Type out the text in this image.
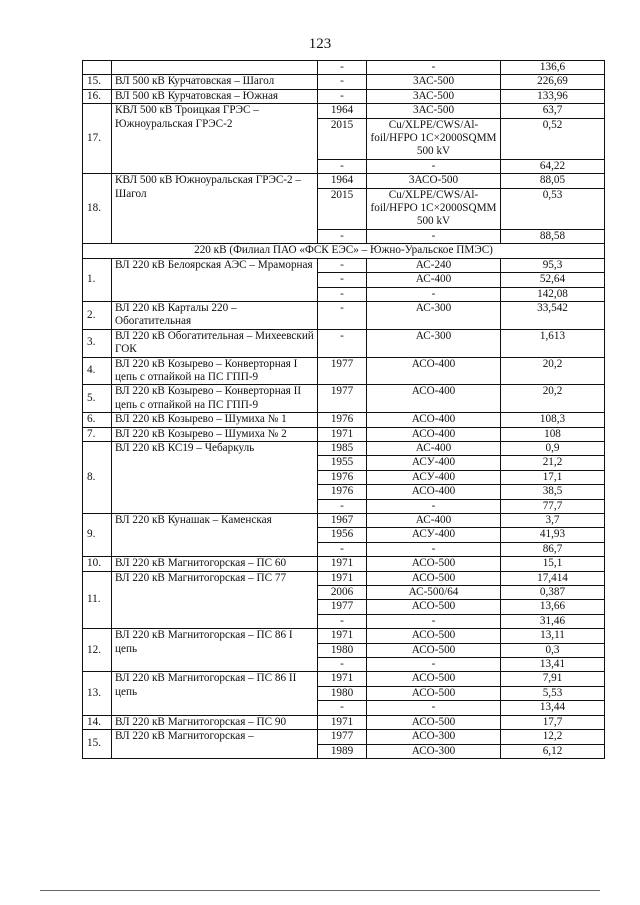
123
		-	-	136,6
15.	ВЛ 500 кВ Курчатовская – Шагол	-	3АС-500	226,69
16.	ВЛ 500 кВ Курчатовская – Южная	-	3АС-500	133,96
17.	КВЛ 500 кВ Троицкая ГРЭС – Южноуральская ГРЭС-2	1964	3АС-500	63,7
		2015	Cu/XLPE/CWS/Al-foil/HFPO 1C×2000SQMM 500 kV	0,52
		-	-	64,22
18.	КВЛ 500 кВ Южноуральская ГРЭС-2 – Шагол	1964	3АСО-500	88,05
		2015	Cu/XLPE/CWS/Al-foil/HFPO 1C×2000SQMM 500 kV	0,53
		-	-	88,58
220 кВ (Филиал ПАО «ФСК ЕЭС» – Южно-Уральское ПМЭС)				
1.	ВЛ 220 кВ Белоярская АЭС – Мраморная	-	АС-240	95,3
		-	АС-400	52,64
		-	-	142,08
2.	ВЛ 220 кВ Карталы 220 – Обогатительная	-	АС-300	33,542
3.	ВЛ 220 кВ Обогатительная – Михеевский ГОК	-	АС-300	1,613
4.	ВЛ 220 кВ Козырево – Конверторная I цепь с отпайкой на ПС ГПП-9	1977	АСО-400	20,2
5.	ВЛ 220 кВ Козырево – Конверторная II цепь с отпайкой на ПС ГПП-9	1977	АСО-400	20,2
6.	ВЛ 220 кВ Козырево – Шумиха № 1	1976	АСО-400	108,3
7.	ВЛ 220 кВ Козырево – Шумиха № 2	1971	АСО-400	108
8.	ВЛ 220 кВ КС19 – Чебаркуль	1985	АС-400	0,9
		1955	АСУ-400	21,2
		1976	АСУ-400	17,1
		1976	АСО-400	38,5
		-	-	77,7
9.	ВЛ 220 кВ Кунашак – Каменская	1967	АС-400	3,7
		1956	АСУ-400	41,93
		-	-	86,7
10.	ВЛ 220 кВ Магнитогорская – ПС 60	1971	АСО-500	15,1
11.	ВЛ 220 кВ Магнитогорская – ПС 77	1971	АСО-500	17,414
		2006	АС-500/64	0,387
		1977	АСО-500	13,66
		-	-	31,46
12.	ВЛ 220 кВ Магнитогорская – ПС 86 I цепь	1971	АСО-500	13,11
		1980	АСО-500	0,3
		-	-	13,41
13.	ВЛ 220 кВ Магнитогорская – ПС 86 II цепь	1971	АСО-500	7,91
		1980	АСО-500	5,53
		-	-	13,44
14.	ВЛ 220 кВ Магнитогорская – ПС 90	1971	АСО-500	17,7
15.	ВЛ 220 кВ Магнитогорская –	1977	АСО-300	12,2
		1989	АСО-300	6,12
